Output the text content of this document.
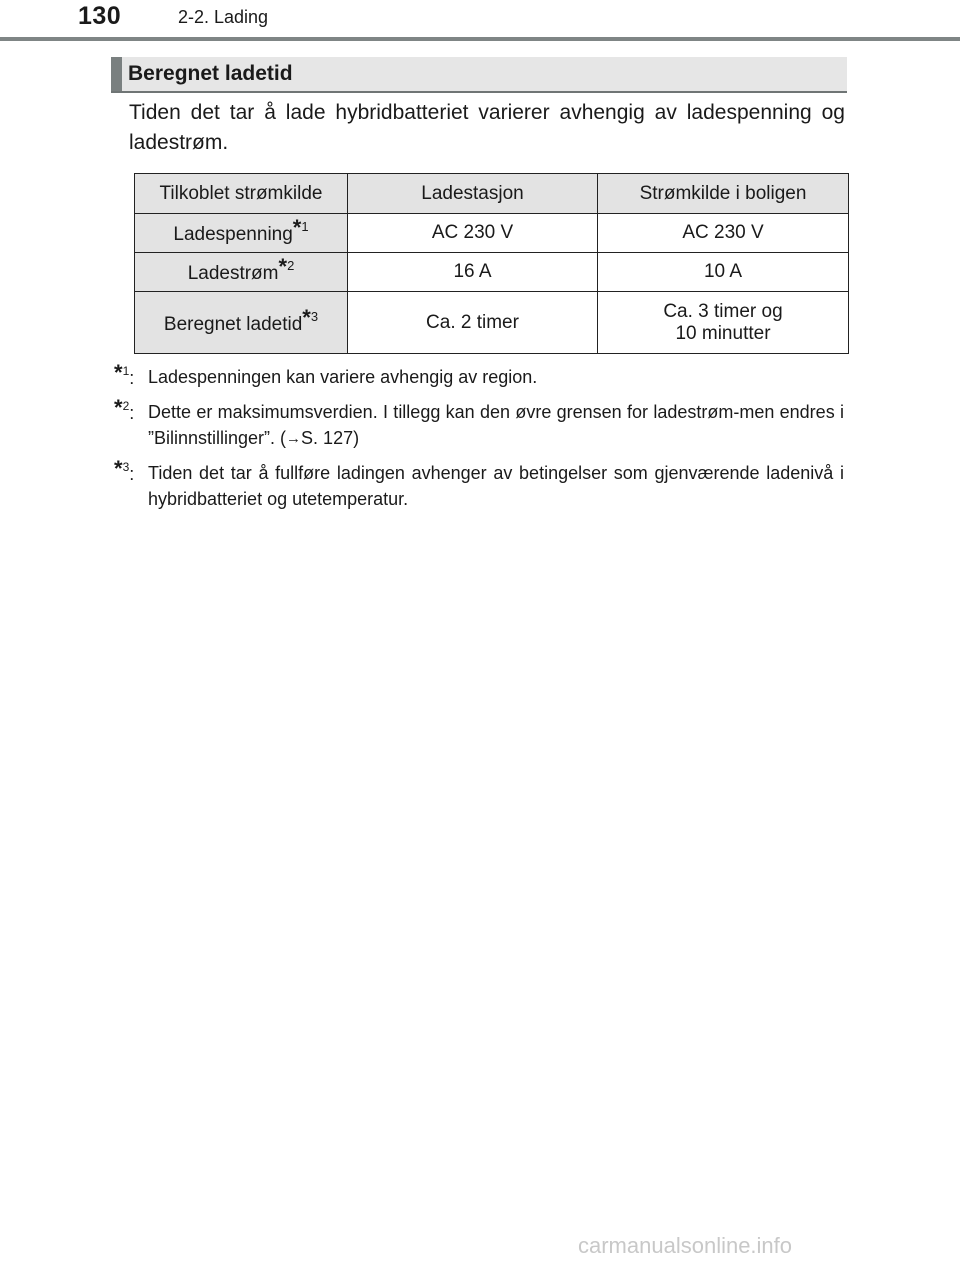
130	2-2. Lading
Beregnet ladetid

Tiden det tar å lade hybridbatteriet varierer avhengig av ladespenning og ladestrøm.

Tilkoblet strømkilde	Ladestasjon	Strømkilde i boligen
Ladespenning*$^1$	AC 230 V	AC 230 V
Ladestrøm*$^2$	16 A	10 A
Beregnet ladetid*$^3$	Ca. 2 timer	Ca. 3 timer og
10 minutter
*$^1$: Ladespenningen kan variere avhengig av region.
*$^2$: Dette er maksimumsverdien. I tillegg kan den øvre grensen for ladestrøm-men endres i ”Bilinnstillinger”. (→S. 127)
*$^3$: Tiden det tar å fullføre ladingen avhenger av betingelser som gjenværende ladenivå i hybridbatteriet og utetemperatur.
carmanualsonline.info
